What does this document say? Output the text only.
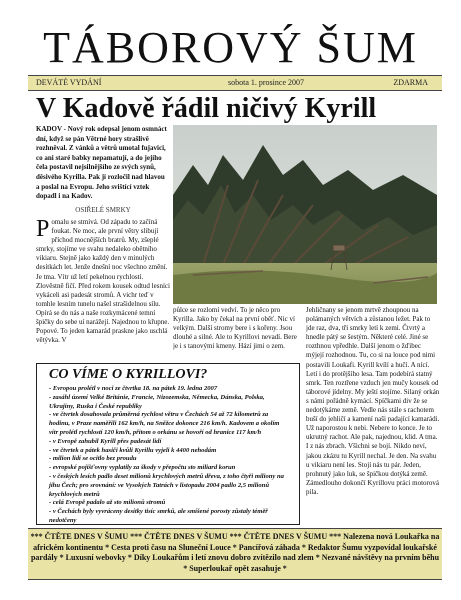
TÁBOROVÝ ŠUM
DEVÁTÉ VYDÁNÍ	sobota 1. prosince 2007	ZDARMA
V Kadově řádil ničivý Kyrill
KADOV - Nový rok odepsal jenom osmnáct dní, když se pán Větrné hory strašlivě rozhněval. Z vánků a větrů umotal fujavici, co ani staré babky nepamatují, a do jejího čela postavil nejsilnějšího ze svých synů, děsivého Kyrilla. Pak jí rozločil nad hlavou a poslal na Evropu. Jeho svištící vztek dopadl i na Kadov.
OSIŘELÉ SMRKY
Pomalu se stmívá. Od západu to začíná foukat. Ne moc, ale první větry slibují příchod mocnějších bratrů. My, zšeplé smrky, stojíme ve svahu nedaleko obětního vikiaru. Stejně jako každý den v minulých desítkách let. Jenže dnešní noc všechno změní. Je tma. Vítr už letí pekelnou rychlostí. Zlověstně fičí. Před rokem kousek odtud lesníci vykáceli asi padesát stromů. A vichr teď v tomhle lesním tunelu našel strašidelnou sílu. Opírá se do nás a naše rozkymácené temní špičky do sebe uí narážejí. Najednou to křupne. Popové. To jeden kamarád praskne jako uschlá větývka. V
půlce se rozlomí vedví. To je něco pro Kyrilla. Jako by čekal na první oběť. Nic ví velkým. Další stromy bere i s kořeny. Jsou dlouhé a silné. Ale to Kyrillovi nevadí. Bere je i s tanovými kmeny. Hází jimi o zem.
Jehličnany se jenom mrtvě zhoupnou na polámaných větvích a zůstanou ležet. Pak to jde raz, dva, tři smrky letí k zemi. Čtvrtý a hnedle pátý se šestým. Některé celé. Jiné se rozthnou vpředhle. Další jenom o žďibec mýjejí rozhodnou. Tu, co si na louce pod nimi postavili Loukafi. Kyrill kvílí a hučí. A nící. Letí i do protějšího lesa. Tam podebírá statný smrk. Ten roztřene vzduch jen mučy kousek od táborové jídelny. My ještí stojíme. Silaný orkán s námi pořádně kymácí. Spíčkami div že se nedotýkáme země. Vedle nás stále s rachotem buší do jehličí a kamení naši padající kamarádi. Už naporostou k nebi. Nebere to konce. Je to ukrutný rachot. Ale pak, najednou, klid. A tma. I z nás zbrach. Všichni se bojí. Nikdo neví, jakou zkázu tu Kyrill nechal. Je den. Na svahu u vikiaru není les. Stojí nás tu pár. Jeden, prohnutý jako luk, se špičkou dotýká země. Zámedlouho dokončí Kyrillovu práci motorová pila.
CO VÍME O KYRILLOVI?
- Evropou prolétl v noci ze čtvrtka 18. na pátek 19. ledna 2007
- zasáhl území Velké Británie, Francie, Nizozemska, Německa, Dánska, Polska, Ukrajiny, Ruska i České republiky
- ve čtvrtek dosahovala průměrná rychlost větru v Čechách 54 až 72 kilometrů za hodinu, v Praze naměřili 162 km/h, na Sněžce dokonce 216 km/h. Kadovem a okolím vítr prolétl rychlostí 120 km/h, přitom o orkánu se hovoří od hranice 117 km/h
- v Evropě zahubil Kyrill přes padesát lidí
- ve čtvrtek a pátek hasiči kvůli Kyrillu vyjeli k 4400 nehodám
- milion lidí se ocitlo bez proudu
- evropské pojišťovny vyplatily za škody v přepočtu sto miliard korun
- v českých lesích padlo deset milionů krychlových metrů dřeva, z toho čtyři miliony na jihu Čech; pro srovnání: ve Vysokých Tatrách v listopadu 2004 padlo 2,5 milionů krychlových metrů
- celá Evropě padalo až sto milionů stromů
- v Čechách byly vyvráceny desítky tisíc smrků, ale smíšené porosty zůstaly téměř nedotčeny
*** ČTĚTE DNES V ŠUMU *** ČTĚTE DNES V ŠUMU *** ČTĚTE DNES V ŠUMU *** Nalezena nová Loukařka na africkém kontinentu * Cesta proti času na Sluneční Louce * Pancířová záhada * Redaktor Šumu vyzpovídal loukařské pardály * Luxusní webovky * Díky Loukařům i letí znovu dobro zvítězilo nad zlem * Nezvané návštěvy na prvním běhu * Superloukař opět zasahuje *
